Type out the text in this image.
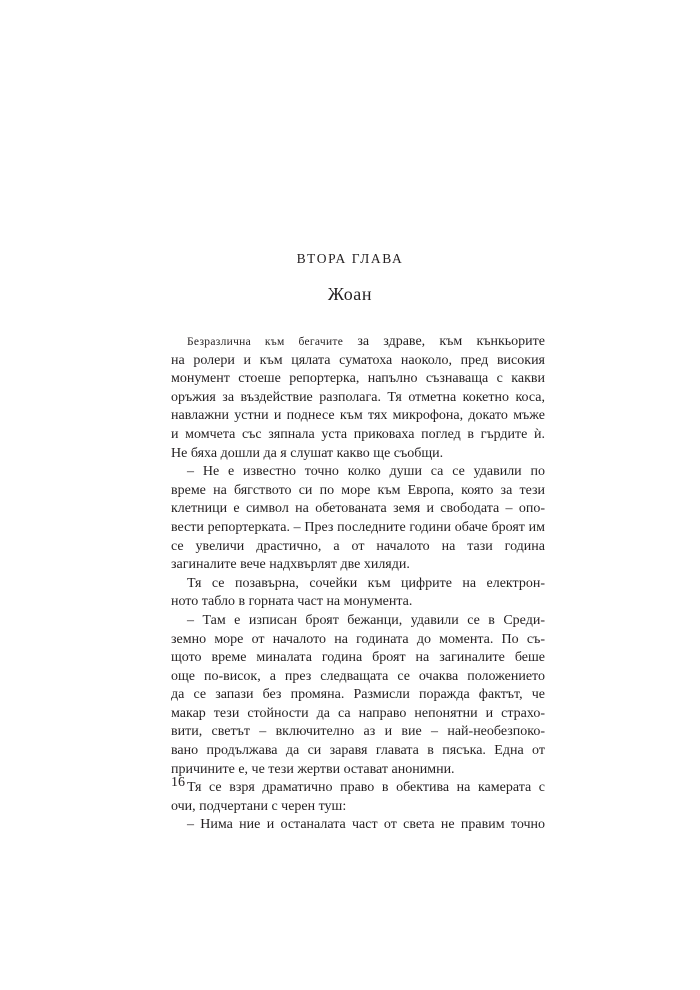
ВТОРА ГЛАВА
Жоан
Безразлична към бегачите за здраве, към кънкьорите
на ролери и към цялата суматоха наоколо, пред високия
монумент стоеше репортерка, напълно съзнаваща с какви
оръжия за въздействие разполага. Тя отметна кокетно коса,
навлажни устни и поднесе към тях микрофона, докато мъже
и момчета със зяпнала уста приковаха поглед в гърдите ѝ.
Не бяха дошли да я слушат какво ще съобщи.
– Не е известно точно колко души са се удавили по
време на бягството си по море към Европа, която за тези
клетници е символ на обетованата земя и свободата – опо-
вести репортерката. – През последните години обаче броят им
се увеличи драстично, а от началото на тази година
загиналите вече надхвърлят две хиляди.
Тя се позавърна, сочейки към цифрите на електрон-
ното табло в горната част на монумента.
– Там е изписан броят бежанци, удавили се в Среди-
земно море от началото на годината до момента. По съ-
щото време миналата година броят на загиналите беше
още по-висок, а през следващата се очаква положението
да се запази без промяна. Размисли поражда фактът, че
макар тези стойности да са направо непонятни и страхо-
вити, светът – включително аз и вие – най-необезпоко-
вано продължава да си заравя главата в пясъка. Една от
причините е, че тези жертви остават анонимни.
Тя се взря драматично право в обектива на камерата с
очи, подчертани с черен туш:
– Нима ние и останалата част от света не правим точно
16
